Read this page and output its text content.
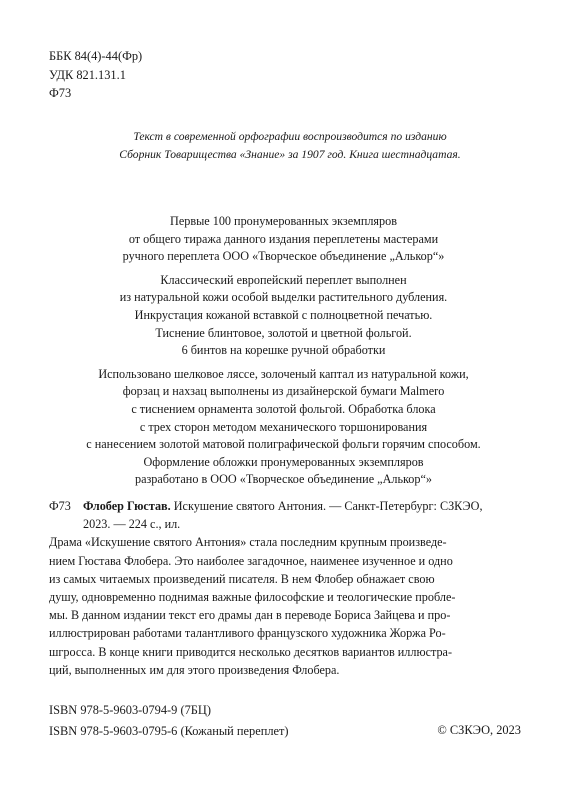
ББК 84(4)-44(Фр)
УДК 821.131.1
Ф73
Текст в современной орфографии воспроизводится по изданию
Сборник Товарищества «Знание» за 1907 год. Книга шестнадцатая.
Первые 100 пронумерованных экземпляров
от общего тиража данного издания переплетены мастерами
ручного переплета ООО «Творческое объединение „Алькор“»
Классический европейский переплет выполнен
из натуральной кожи особой выделки растительного дубления.
Инкрустация кожаной вставкой с полноцветной печатью.
Тиснение блинтовое, золотой и цветной фольгой.
6 бинтов на корешке ручной обработки
Использовано шелковое ляссе, золоченый каптал из натуральной кожи,
форзац и нахзац выполнены из дизайнерской бумаги Malmero
с тиснением орнамента золотой фольгой. Обработка блока
с трех сторон методом механического торшонирования
с нанесением золотой матовой полиграфической фольги горячим способом.
Оформление обложки пронумерованных экземпляров
разработано в ООО «Творческое объединение „Алькор“»
Ф73 Флобер Гюстав. Искушение святого Антония. — Санкт-Петербург: СЗКЭО,
2023. — 224 с., ил.
Драма «Искушение святого Антония» стала последним крупным произведе-
нием Гюстава Флобера. Это наиболее загадочное, наименее изученное и одно
из самых читаемых произведений писателя. В нем Флобер обнажает свою
душу, одновременно поднимая важные философские и теологические пробле-
мы. В данном издании текст его драмы дан в переводе Бориса Зайцева и про-
иллюстрирован работами талантливого французского художника Жоржа Ро-
шгросса. В конце книги приводится несколько десятков вариантов иллюстра-
ций, выполненных им для этого произведения Флобера.
ISBN 978-5-9603-0794-9 (7БЦ)
ISBN 978-5-9603-0795-6 (Кожаный переплет)	© СЗКЭО, 2023
